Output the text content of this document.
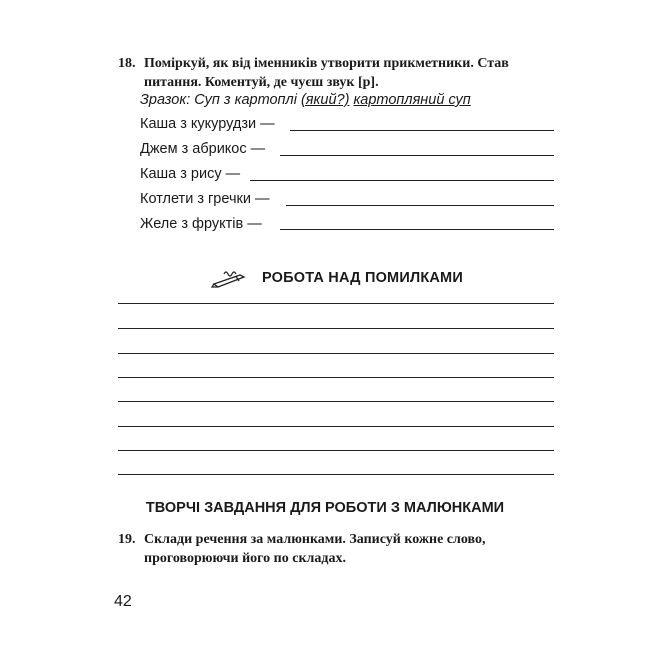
18. Поміркуй, як від іменників утворити прикметники. Став питання. Коментуй, де чуєш звук [р].
Зразок: Суп з картоплі (який?) картопляний суп
Каша з кукурудзи —
Джем з абрикос —
Каша з рису —
Котлети з гречки —
Желе з фруктів —
РОБОТА НАД ПОМИЛКАМИ
ТВОРЧІ ЗАВДАННЯ ДЛЯ РОБОТИ З МАЛЮНКАМИ
19. Склади речення за малюнками. Записуй кожне слово, проговорюючи його по складах.
42
